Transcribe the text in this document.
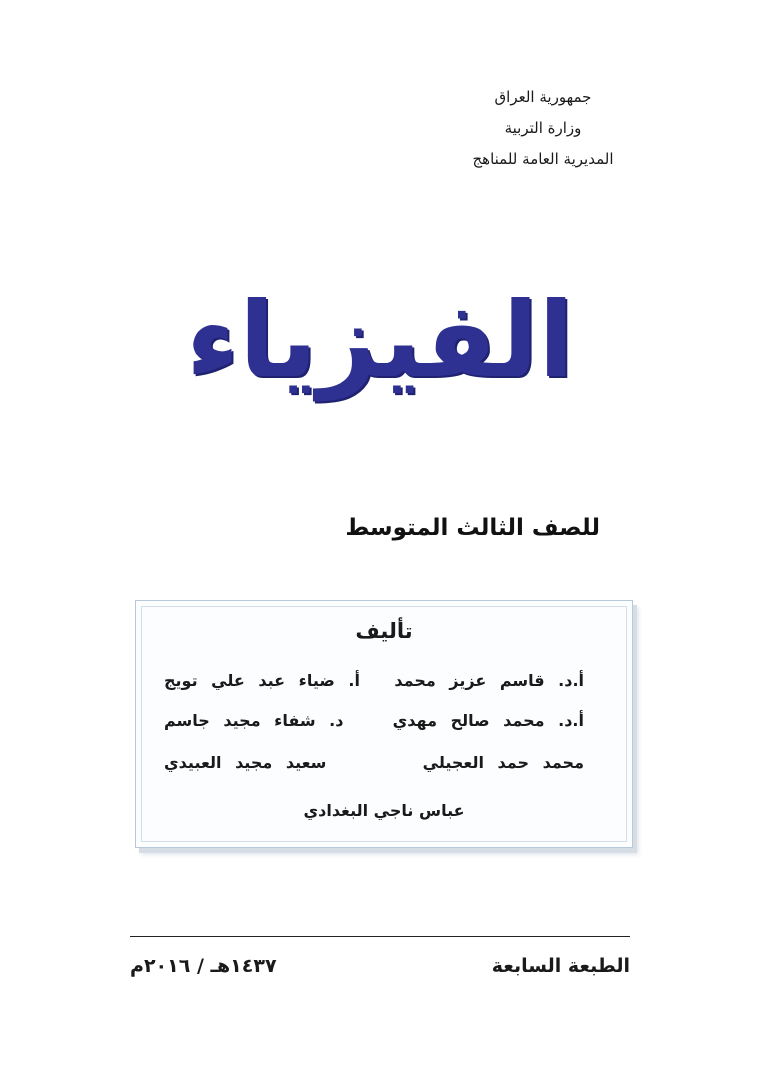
جمهورية العراق
وزارة التربية
المديرية العامة للمناهج
الفيزياء
للصف الثالث المتوسط
تأليف
أ.د. قاسم عزيز محمد
أ. ضياء عبد علي تويج
أ.د. محمد صالح مهدي
د. شفاء مجيد جاسم
محمد حمد العجيلي
سعيد مجيد العبيدي
عباس ناجي البغدادي
الطبعة السابعة
١٤٣٧هـ / ٢٠١٦م
